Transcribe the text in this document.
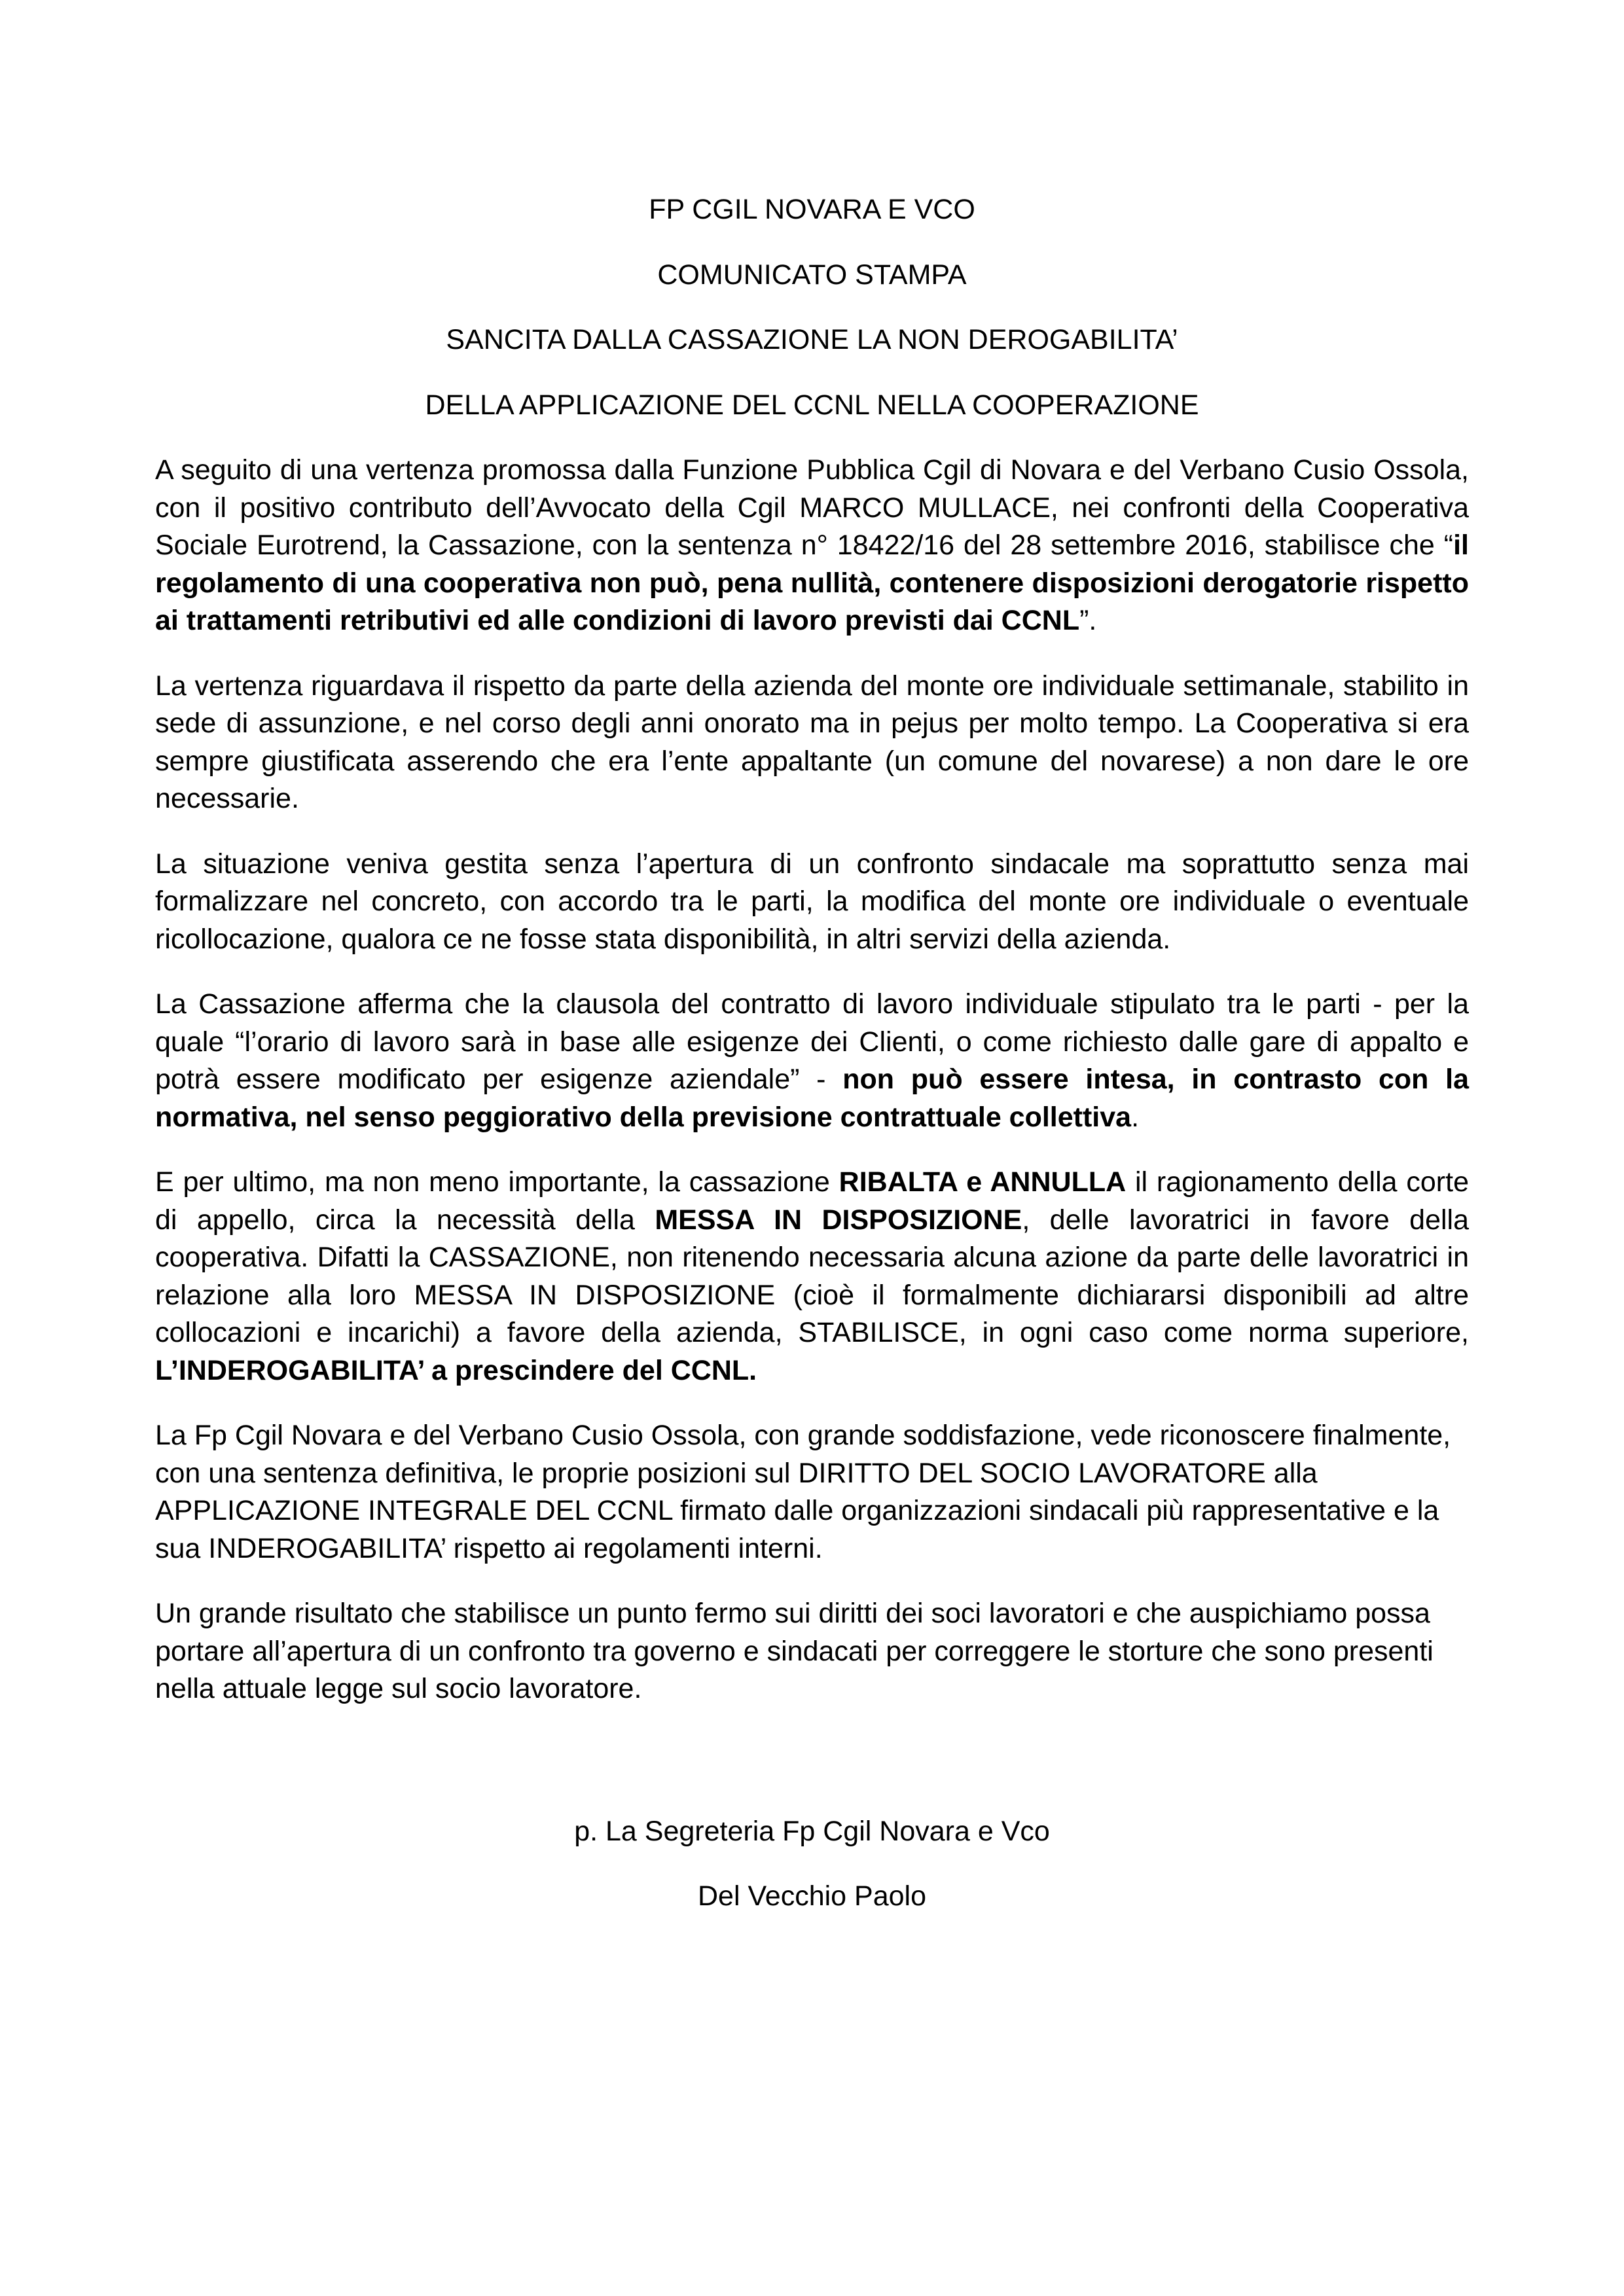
FP CGIL NOVARA E VCO

COMUNICATO STAMPA

SANCITA DALLA CASSAZIONE LA NON DEROGABILITA’

DELLA APPLICAZIONE DEL CCNL NELLA COOPERAZIONE

A seguito di una vertenza promossa dalla Funzione Pubblica Cgil di Novara e del Verbano Cusio Ossola, con il positivo contributo dell’Avvocato della Cgil MARCO MULLACE, nei confronti della Cooperativa Sociale Eurotrend, la Cassazione, con la sentenza n° 18422/16 del 28 settembre 2016, stabilisce che “il regolamento di una cooperativa non può, pena nullità, contenere disposizioni derogatorie rispetto ai trattamenti retributivi ed alle condizioni di lavoro previsti dai CCNL”.

La vertenza riguardava il rispetto da parte della azienda del monte ore individuale settimanale, stabilito in sede di assunzione, e nel corso degli anni onorato ma in pejus per molto tempo. La Cooperativa si era sempre giustificata asserendo che era l’ente appaltante (un comune del novarese) a non dare le ore necessarie.

La situazione veniva gestita senza l’apertura di un confronto sindacale ma soprattutto senza mai formalizzare nel concreto, con accordo tra le parti, la modifica del monte ore individuale o eventuale ricollocazione, qualora ce ne fosse stata disponibilità, in altri servizi della azienda.

La Cassazione afferma che la clausola del contratto di lavoro individuale stipulato tra le parti - per la quale “l’orario di lavoro sarà in base alle esigenze dei Clienti, o come richiesto dalle gare di appalto e potrà essere modificato per esigenze aziendale” - non può essere intesa, in contrasto con la normativa, nel senso peggiorativo della previsione contrattuale collettiva.

E per ultimo, ma non meno importante, la cassazione RIBALTA e ANNULLA il ragionamento della corte di appello, circa la necessità della MESSA IN DISPOSIZIONE, delle lavoratrici in favore della cooperativa. Difatti la CASSAZIONE, non ritenendo necessaria alcuna azione da parte delle lavoratrici in relazione alla loro MESSA IN DISPOSIZIONE (cioè il formalmente dichiararsi disponibili ad altre collocazioni e incarichi) a favore della azienda, STABILISCE, in ogni caso come norma superiore, L’INDEROGABILITA’ a prescindere del CCNL.

La Fp Cgil Novara e del Verbano Cusio Ossola, con grande soddisfazione, vede riconoscere finalmente, con una sentenza definitiva, le proprie posizioni sul DIRITTO DEL SOCIO LAVORATORE alla APPLICAZIONE INTEGRALE DEL CCNL firmato dalle organizzazioni sindacali più rappresentative e la sua INDEROGABILITA’ rispetto ai regolamenti interni.

Un grande risultato che stabilisce un punto fermo sui diritti dei soci lavoratori e che auspichiamo possa portare all’apertura di un confronto tra governo e sindacati per correggere le storture che sono presenti nella attuale legge sul socio lavoratore.

p. La Segreteria Fp Cgil Novara e Vco

Del Vecchio Paolo
